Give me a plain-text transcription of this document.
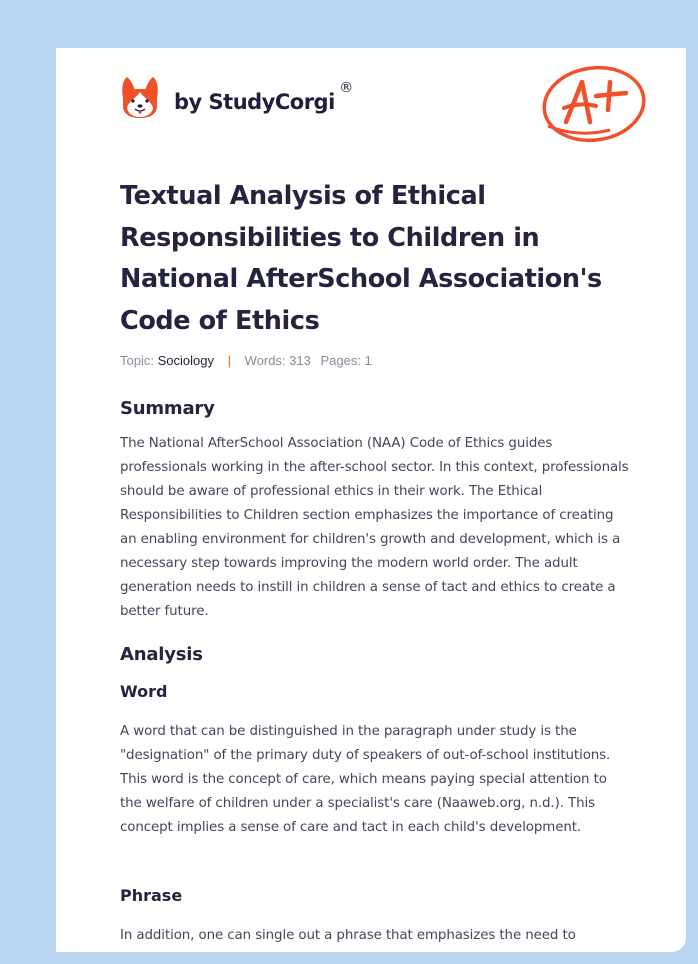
by StudyCorgi
®
Textual Analysis of Ethical Responsibilities to Children in National AfterSchool Association's Code of Ethics
Topic: Sociology | Words: 313 Pages: 1
Summary

The National AfterSchool Association (NAA) Code of Ethics guides professionals working in the after-school sector. In this context, professionals should be aware of professional ethics in their work. The Ethical Responsibilities to Children section emphasizes the importance of creating an enabling environment for children's growth and development, which is a necessary step towards improving the modern world order. The adult generation needs to instill in children a sense of tact and ethics to create a better future.

Analysis
Word

A word that can be distinguished in the paragraph under study is the "designation" of the primary duty of speakers of out-of-school institutions. This word is the concept of care, which means paying special attention to the welfare of children under a specialist's care (Naaweb.org, n.d.). This concept implies a sense of care and tact in each child's development.

Phrase

In addition, one can single out a phrase that emphasizes the need to
